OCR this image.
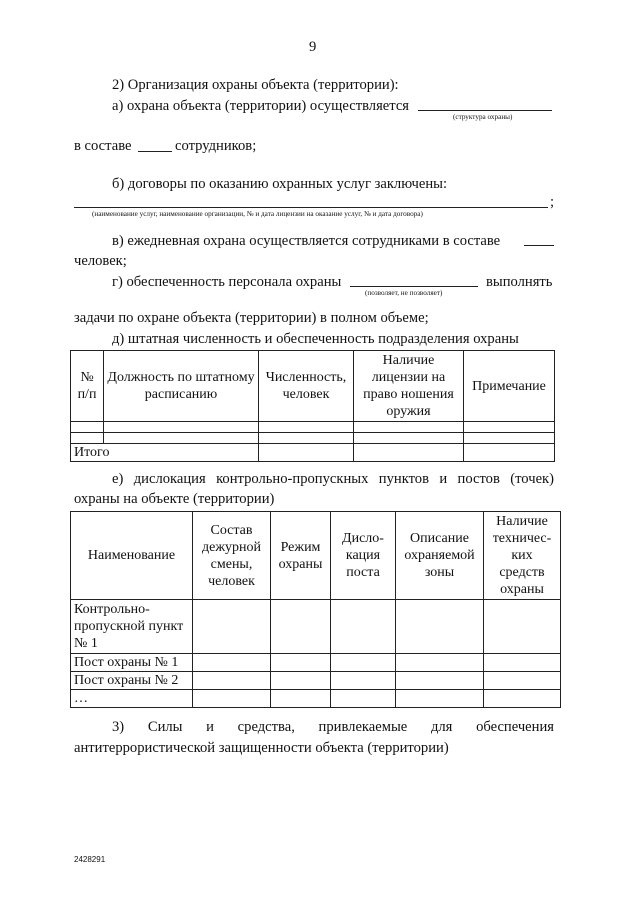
9
2) Организация охраны объекта (территории):
а) охрана объекта (территории) осуществляется
(структура охраны)
в составе	сотрудников;
б) договоры по оказанию охранных услуг заключены:
;
(наименование услуг, наименование организации, № и дата лицензии на оказание услуг, № и дата договора)
в) ежедневная охрана осуществляется сотрудниками в составе
человек;
г) обеспеченность персонала охраны	выполнять
(позволяет, не позволяет)
задачи по охране объекта (территории) в полном объеме;
д) штатная численность и обеспеченность подразделения охраны
№ п/п	Должность по штатному расписанию	Численность, человек	Наличие лицензии на право ношения оружия	Примечание

Итого				
е) дислокация контрольно-пропускных пунктов и постов (точек)
охраны на объекте (территории)
Наименование	Состав дежурной смены, человек	Режим охраны	Дисло-кация поста	Описание охраняемой зоны	Наличие техничес-ких средств охраны
Контрольно-пропускной пункт № 1					
Пост охраны № 1					
Пост охраны № 2					
…					
3) Силы и средства, привлекаемые для обеспечения
антитеррористической защищенности объекта (территории)
2428291
